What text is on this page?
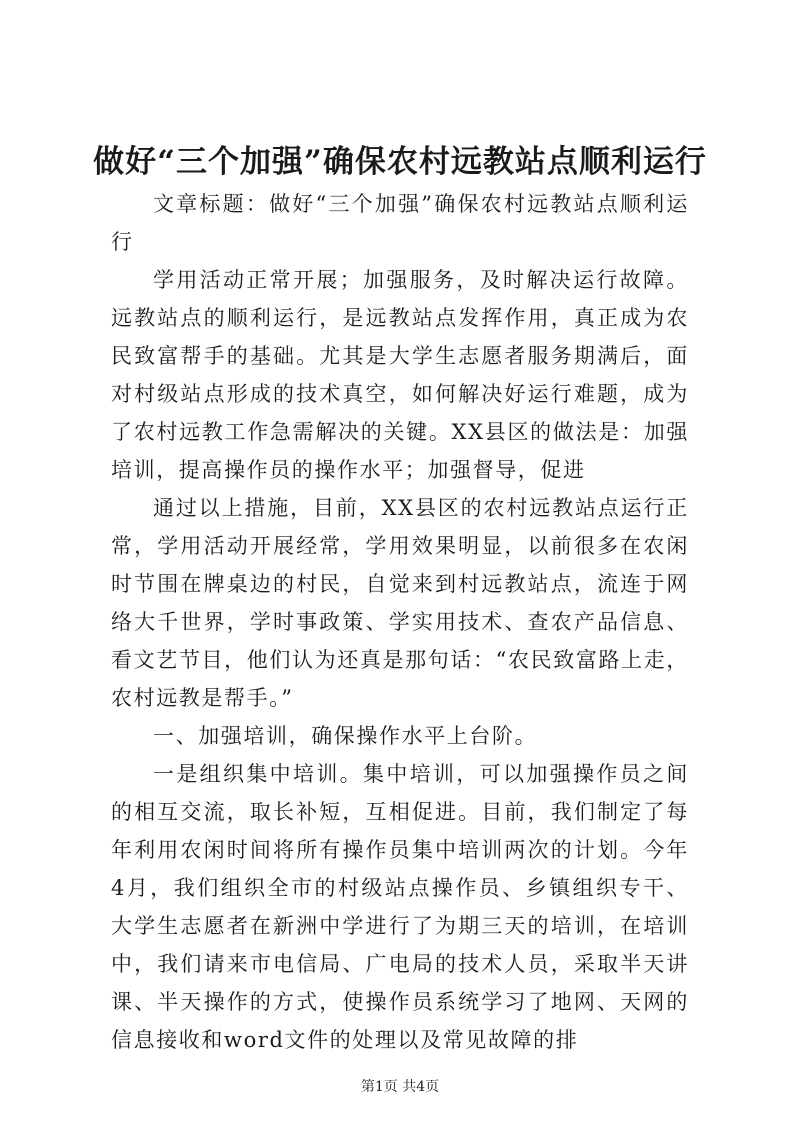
做好“三个加强”确保农村远教站点顺利运行

文章标题：做好“三个加强”确保农村远教站点顺利运行

学用活动正常开展；加强服务，及时解决运行故障。远教站点的顺利运行，是远教站点发挥作用，真正成为农民致富帮手的基础。尤其是大学生志愿者服务期满后，面对村级站点形成的技术真空，如何解决好运行难题，成为了农村远教工作急需解决的关键。XX县区的做法是：加强培训，提高操作员的操作水平；加强督导，促进

通过以上措施，目前，XX县区的农村远教站点运行正常，学用活动开展经常，学用效果明显，以前很多在农闲时节围在牌桌边的村民，自觉来到村远教站点，流连于网络大千世界，学时事政策、学实用技术、查农产品信息、看文艺节目，他们认为还真是那句话：“农民致富路上走，农村远教是帮手。”

一、加强培训，确保操作水平上台阶。

一是组织集中培训。集中培训，可以加强操作员之间的相互交流，取长补短，互相促进。目前，我们制定了每年利用农闲时间将所有操作员集中培训两次的计划。今年4月，我们组织全市的村级站点操作员、乡镇组织专干、大学生志愿者在新洲中学进行了为期三天的培训，在培训中，我们请来市电信局、广电局的技术人员，采取半天讲课、半天操作的方式，使操作员系统学习了地网、天网的信息接收和word文件的处理以及常见故障的排

第1页 共4页
